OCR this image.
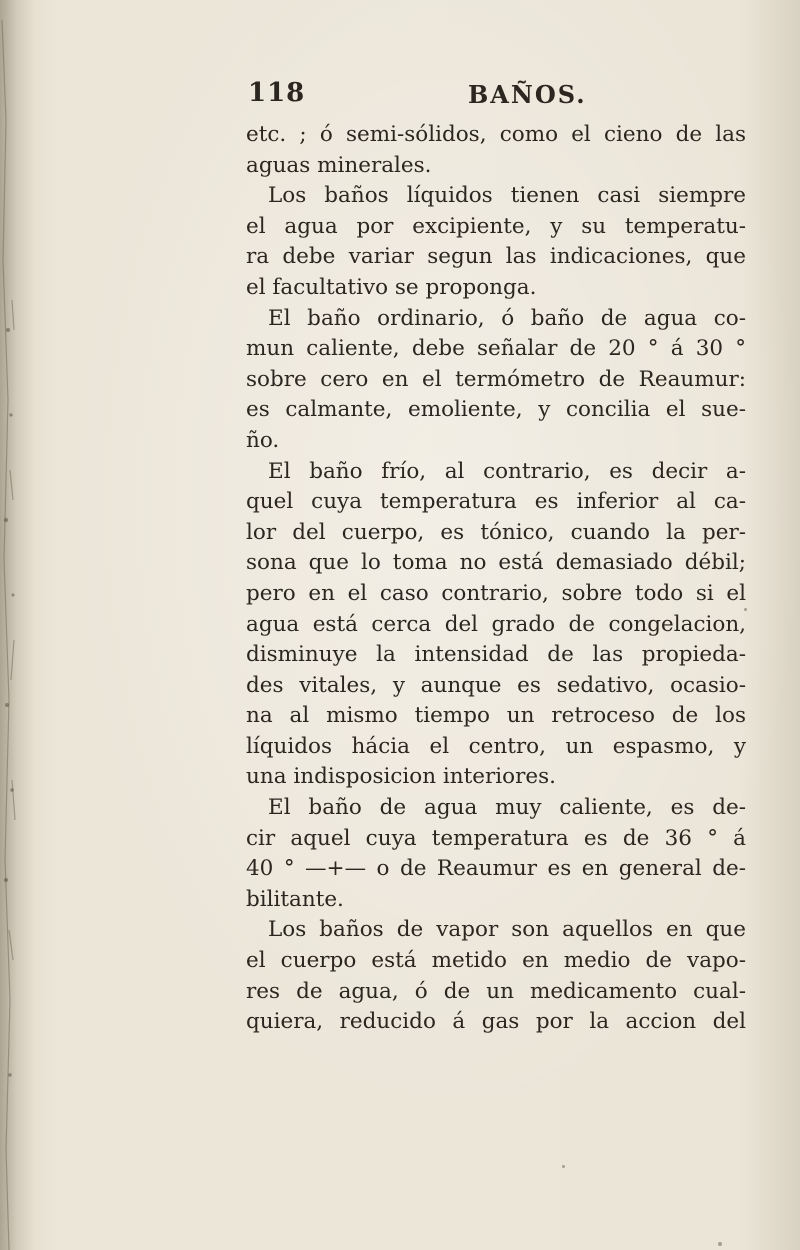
118	BAÑOS.
etc. ; ó semi-sólidos, como el cieno de las
aguas minerales.
Los baños líquidos tienen casi siempre
el agua por excipiente, y su temperatu-
ra debe variar segun las indicaciones, que
el facultativo se proponga.
El baño ordinario, ó baño de agua co-
mun caliente, debe señalar de 20 ° á 30 °
sobre cero en el termómetro de Reaumur:
es calmante, emoliente, y concilia el sue-
ño.
El baño frío, al contrario, es decir a-
quel cuya temperatura es inferior al ca-
lor del cuerpo, es tónico, cuando la per-
sona que lo toma no está demasiado débil;
pero en el caso contrario, sobre todo si el
agua está cerca del grado de congelacion,
disminuye la intensidad de las propieda-
des vitales, y aunque es sedativo, ocasio-
na al mismo tiempo un retroceso de los
líquidos hácia el centro, un espasmo, y
una indisposicion interiores.
El baño de agua muy caliente, es de-
cir aquel cuya temperatura es de 36 ° á
40 ° —+— o de Reaumur es en general de-
bilitante.
Los baños de vapor son aquellos en que
el cuerpo está metido en medio de vapo-
res de agua, ó de un medicamento cual-
quiera, reducido á gas por la accion del
